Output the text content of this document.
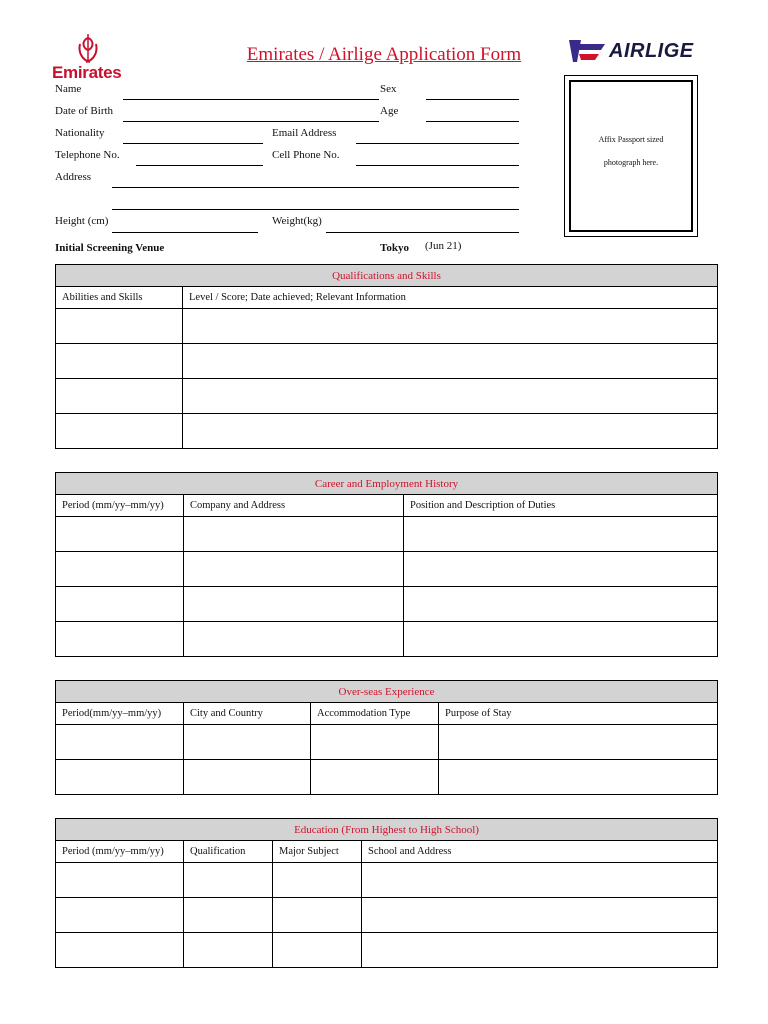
Emirates
AIRLIGE
Emirates / Airlige Application Form
Name	Sex
Date of Birth	Age
Nationality	Email Address
Telephone No.	Cell Phone No.
Address
Height (cm)	Weight(kg)
Affix Passport sized
photograph here.
Initial Screening Venue	Tokyo (Jun 21)
Qualifications and Skills	
Abilities and Skills	Level / Score; Date achieved; Relevant Information

Career and Employment History		
Period (mm/yy–mm/yy)	Company and Address	Position and Description of Duties

Over-seas Experience			
Period(mm/yy–mm/yy)	City and Country	Accommodation Type	Purpose of Stay

Education (From Highest to High School)			
Period (mm/yy–mm/yy)	Qualification	Major Subject	School and Address
